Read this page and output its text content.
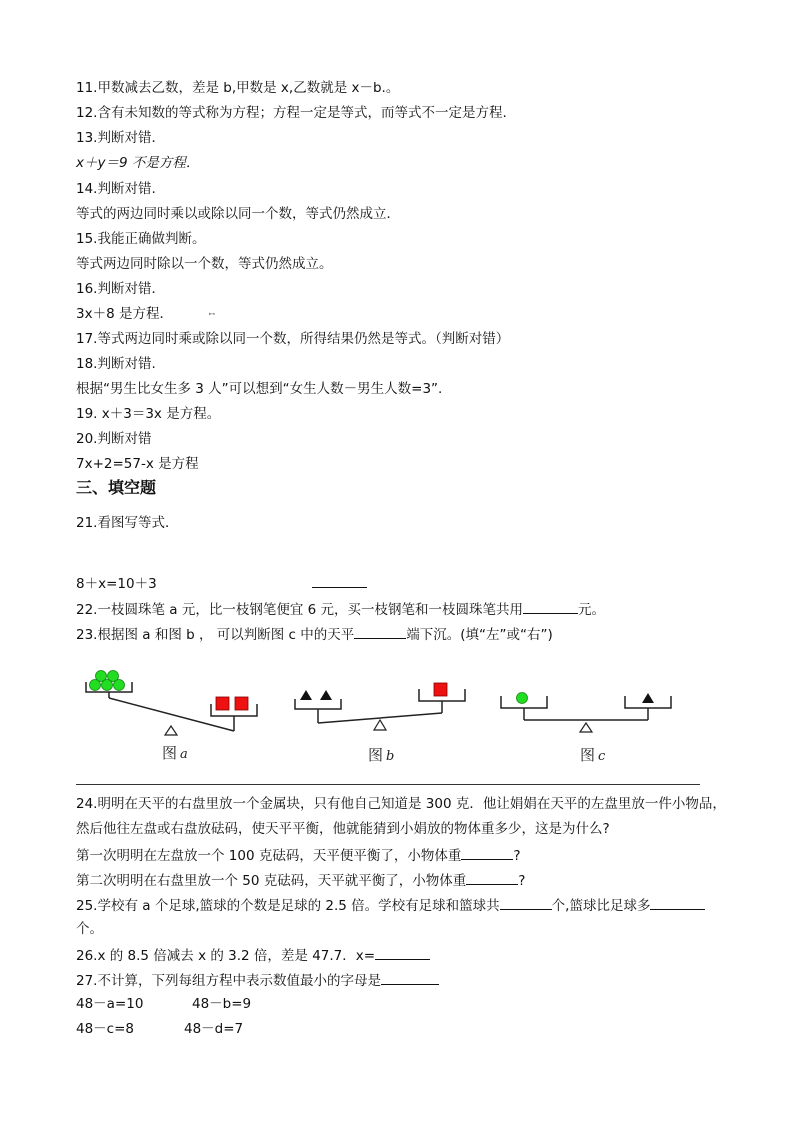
11.甲数减去乙数，差是 b,甲数是 x,乙数就是 x－b.。
12.含有未知数的等式称为方程；方程一定是等式，而等式不一定是方程.
13.判断对错．
x＋y＝9 不是方程．
14.判断对错.
等式的两边同时乘以或除以同一个数，等式仍然成立．
15.我能正确做判断。
等式两边同时除以一个数，等式仍然成立。
16.判断对错．
3x＋8 是方程．	ᵢₙ₋ₙ
17.等式两边同时乘或除以同一个数，所得结果仍然是等式。（判断对错）
18.判断对错.
根据“男生比女生多 3 人”可以想到“女生人数－男生人数=3”.
19. x＋3＝3x 是方程。
20.判断对错
7x+2=57-x 是方程
三、填空题
21.看图写等式．
8＋x=10＋3
22.一枝圆珠笔 a 元，比一枝钢笔便宜 6 元，买一枝钢笔和一枝圆珠笔共用	元。
23.根据图 a 和图 b ， 可以判断图 c 中的天平	端下沉。(填“左”或“右”)
图 a	图 b	图 c
24.明明在天平的右盘里放一个金属块，只有他自己知道是 300 克．他让娟娟在天平的左盘里放一件小物品，
然后他往左盘或右盘放砝码，使天平平衡，他就能猜到小娟放的物体重多少，这是为什么?
第一次明明在左盘放一个 100 克砝码，天平便平衡了，小物体重	?
第二次明明在右盘里放一个 50 克砝码，天平就平衡了，小物体重	?
25.学校有 a 个足球,篮球的个数是足球的 2.5 倍。学校有足球和篮球共	个,篮球比足球多
个。
26.x 的 8.5 倍减去 x 的 3.2 倍，差是 47.7．x=
27.不计算，下列每组方程中表示数值最小的字母是
48－a=10	48－b=9
48－c=8	48－d=7
